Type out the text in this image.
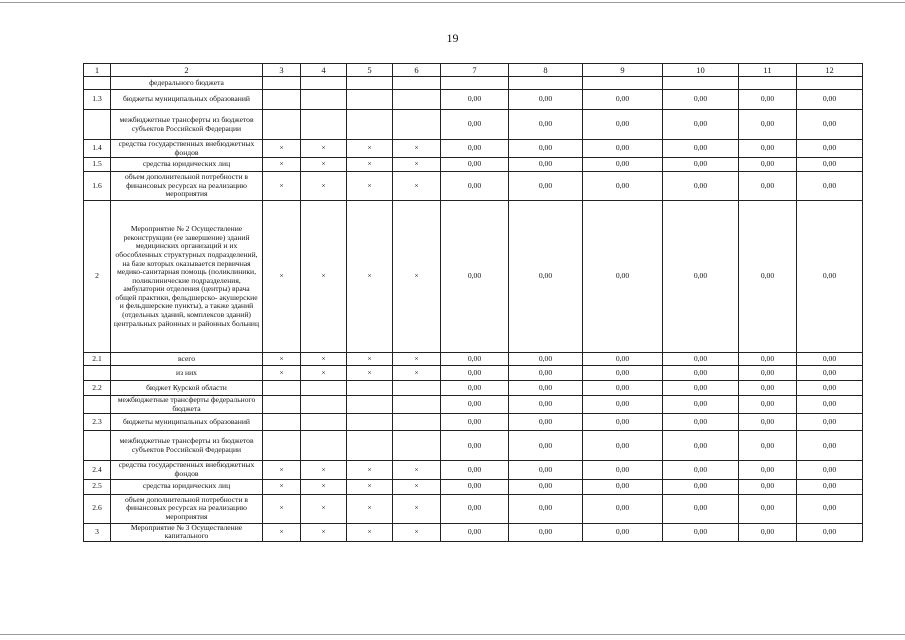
19
1	2	3	4	5	6	7	8	9	10	11	12
	федерального бюджета										
1.3	бюджеты муниципальных образований					0,00	0,00	0,00	0,00	0,00	0,00
	межбюджетные трансферты из бюджетов субъектов Российской Федерации					0,00	0,00	0,00	0,00	0,00	0,00
1.4	средства государственных внебюджетных фондов	×	×	×	×	0,00	0,00	0,00	0,00	0,00	0,00
1.5	средства юридических лиц	×	×	×	×	0,00	0,00	0,00	0,00	0,00	0,00
1.6	объем дополнительной потребности в финансовых ресурсах на реализацию мероприятия	×	×	×	×	0,00	0,00	0,00	0,00	0,00	0,00
2	Мероприятие № 2 Осуществление реконструкции (ее завершение) зданий медицинских организаций и их обособленных структурных подразделений, на базе которых оказывается первичная медико-санитарная помощь (поликлиники, поликлинические подразделения, амбулатории отделения (центры) врача общей практики, фельдшерско- акушерские и фельдшерские пункты), а также зданий (отдельных зданий, комплексов зданий) центральных районных и районных больниц	×	×	×	×	0,00	0,00	0,00	0,00	0,00	0,00
2.1	всего	×	×	×	×	0,00	0,00	0,00	0,00	0,00	0,00
	из них	×	×	×	×	0,00	0,00	0,00	0,00	0,00	0,00
2.2	бюджет Курской области					0,00	0,00	0,00	0,00	0,00	0,00
	межбюджетные трансферты федерального бюджета					0,00	0,00	0,00	0,00	0,00	0,00
2.3	бюджеты муниципальных образований					0,00	0,00	0,00	0,00	0,00	0,00
	межбюджетные трансферты из бюджетов субъектов Российской Федерации					0,00	0,00	0,00	0,00	0,00	0,00
2.4	средства государственных внебюджетных фондов	×	×	×	×	0,00	0,00	0,00	0,00	0,00	0,00
2.5	средства юридических лиц	×	×	×	×	0,00	0,00	0,00	0,00	0,00	0,00
2.6	объем дополнительной потребности в финансовых ресурсах на реализацию мероприятия	×	×	×	×	0,00	0,00	0,00	0,00	0,00	0,00
3	Мероприятие № 3 Осуществление капитального	×	×	×	×	0,00	0,00	0,00	0,00	0,00	0,00
